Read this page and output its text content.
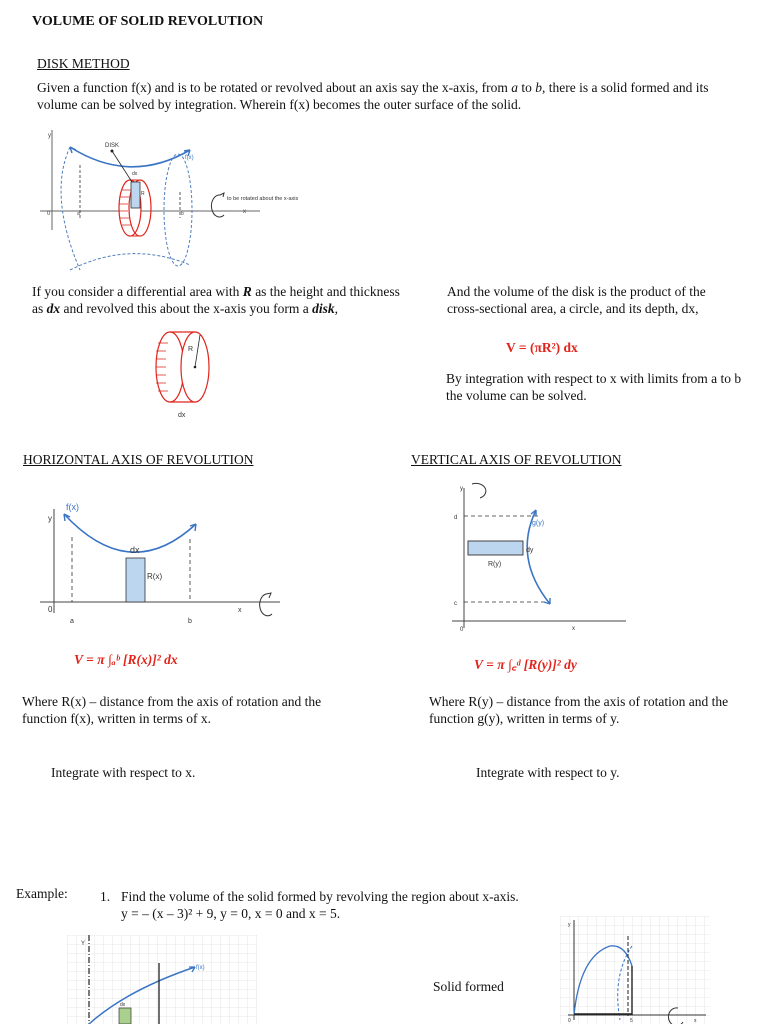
VOLUME OF SOLID REVOLUTION
DISK METHOD
Given a function f(x) and is to be rotated or revolved about an axis say the x-axis, from a to b, there is a solid formed and its volume can be solved by integration. Wherein f(x) becomes the outer surface of the solid.
y
0	x
a	b
DISK
f(x)
dx
R
to be rotated about the x-axis
If you consider a differential area with R as the height and thickness as dx and revolved this about the x-axis you form a disk,
R
dx
And the volume of the disk is the product of the cross-sectional area, a circle, and its depth, dx,
V = (πR²) dx
By integration with respect to x with limits from a to b the volume can be solved.
HORIZONTAL AXIS OF REVOLUTION
y
0	x
f(x)
dx
R(x)
a	b
V = π ∫ₐᵇ [R(x)]² dx
Where R(x) – distance from the axis of rotation and the function f(x), written in terms of x.
Integrate with respect to x.
VERTICAL AXIS OF REVOLUTION
y
d
c
0	x
g(y)
dy
R(y)
V = π ∫꜀ᵈ [R(y)]² dy
Where R(y) – distance from the axis of rotation and the function g(y), written in terms of y.
Integrate with respect to y.
Example: 1. Find the volume of the solid formed by revolving the region about x-axis.
y = – (x – 3)² + 9, y = 0, x = 0 and x = 5.
Solid formed
Y
f(x)
dx
y
0	5	x
